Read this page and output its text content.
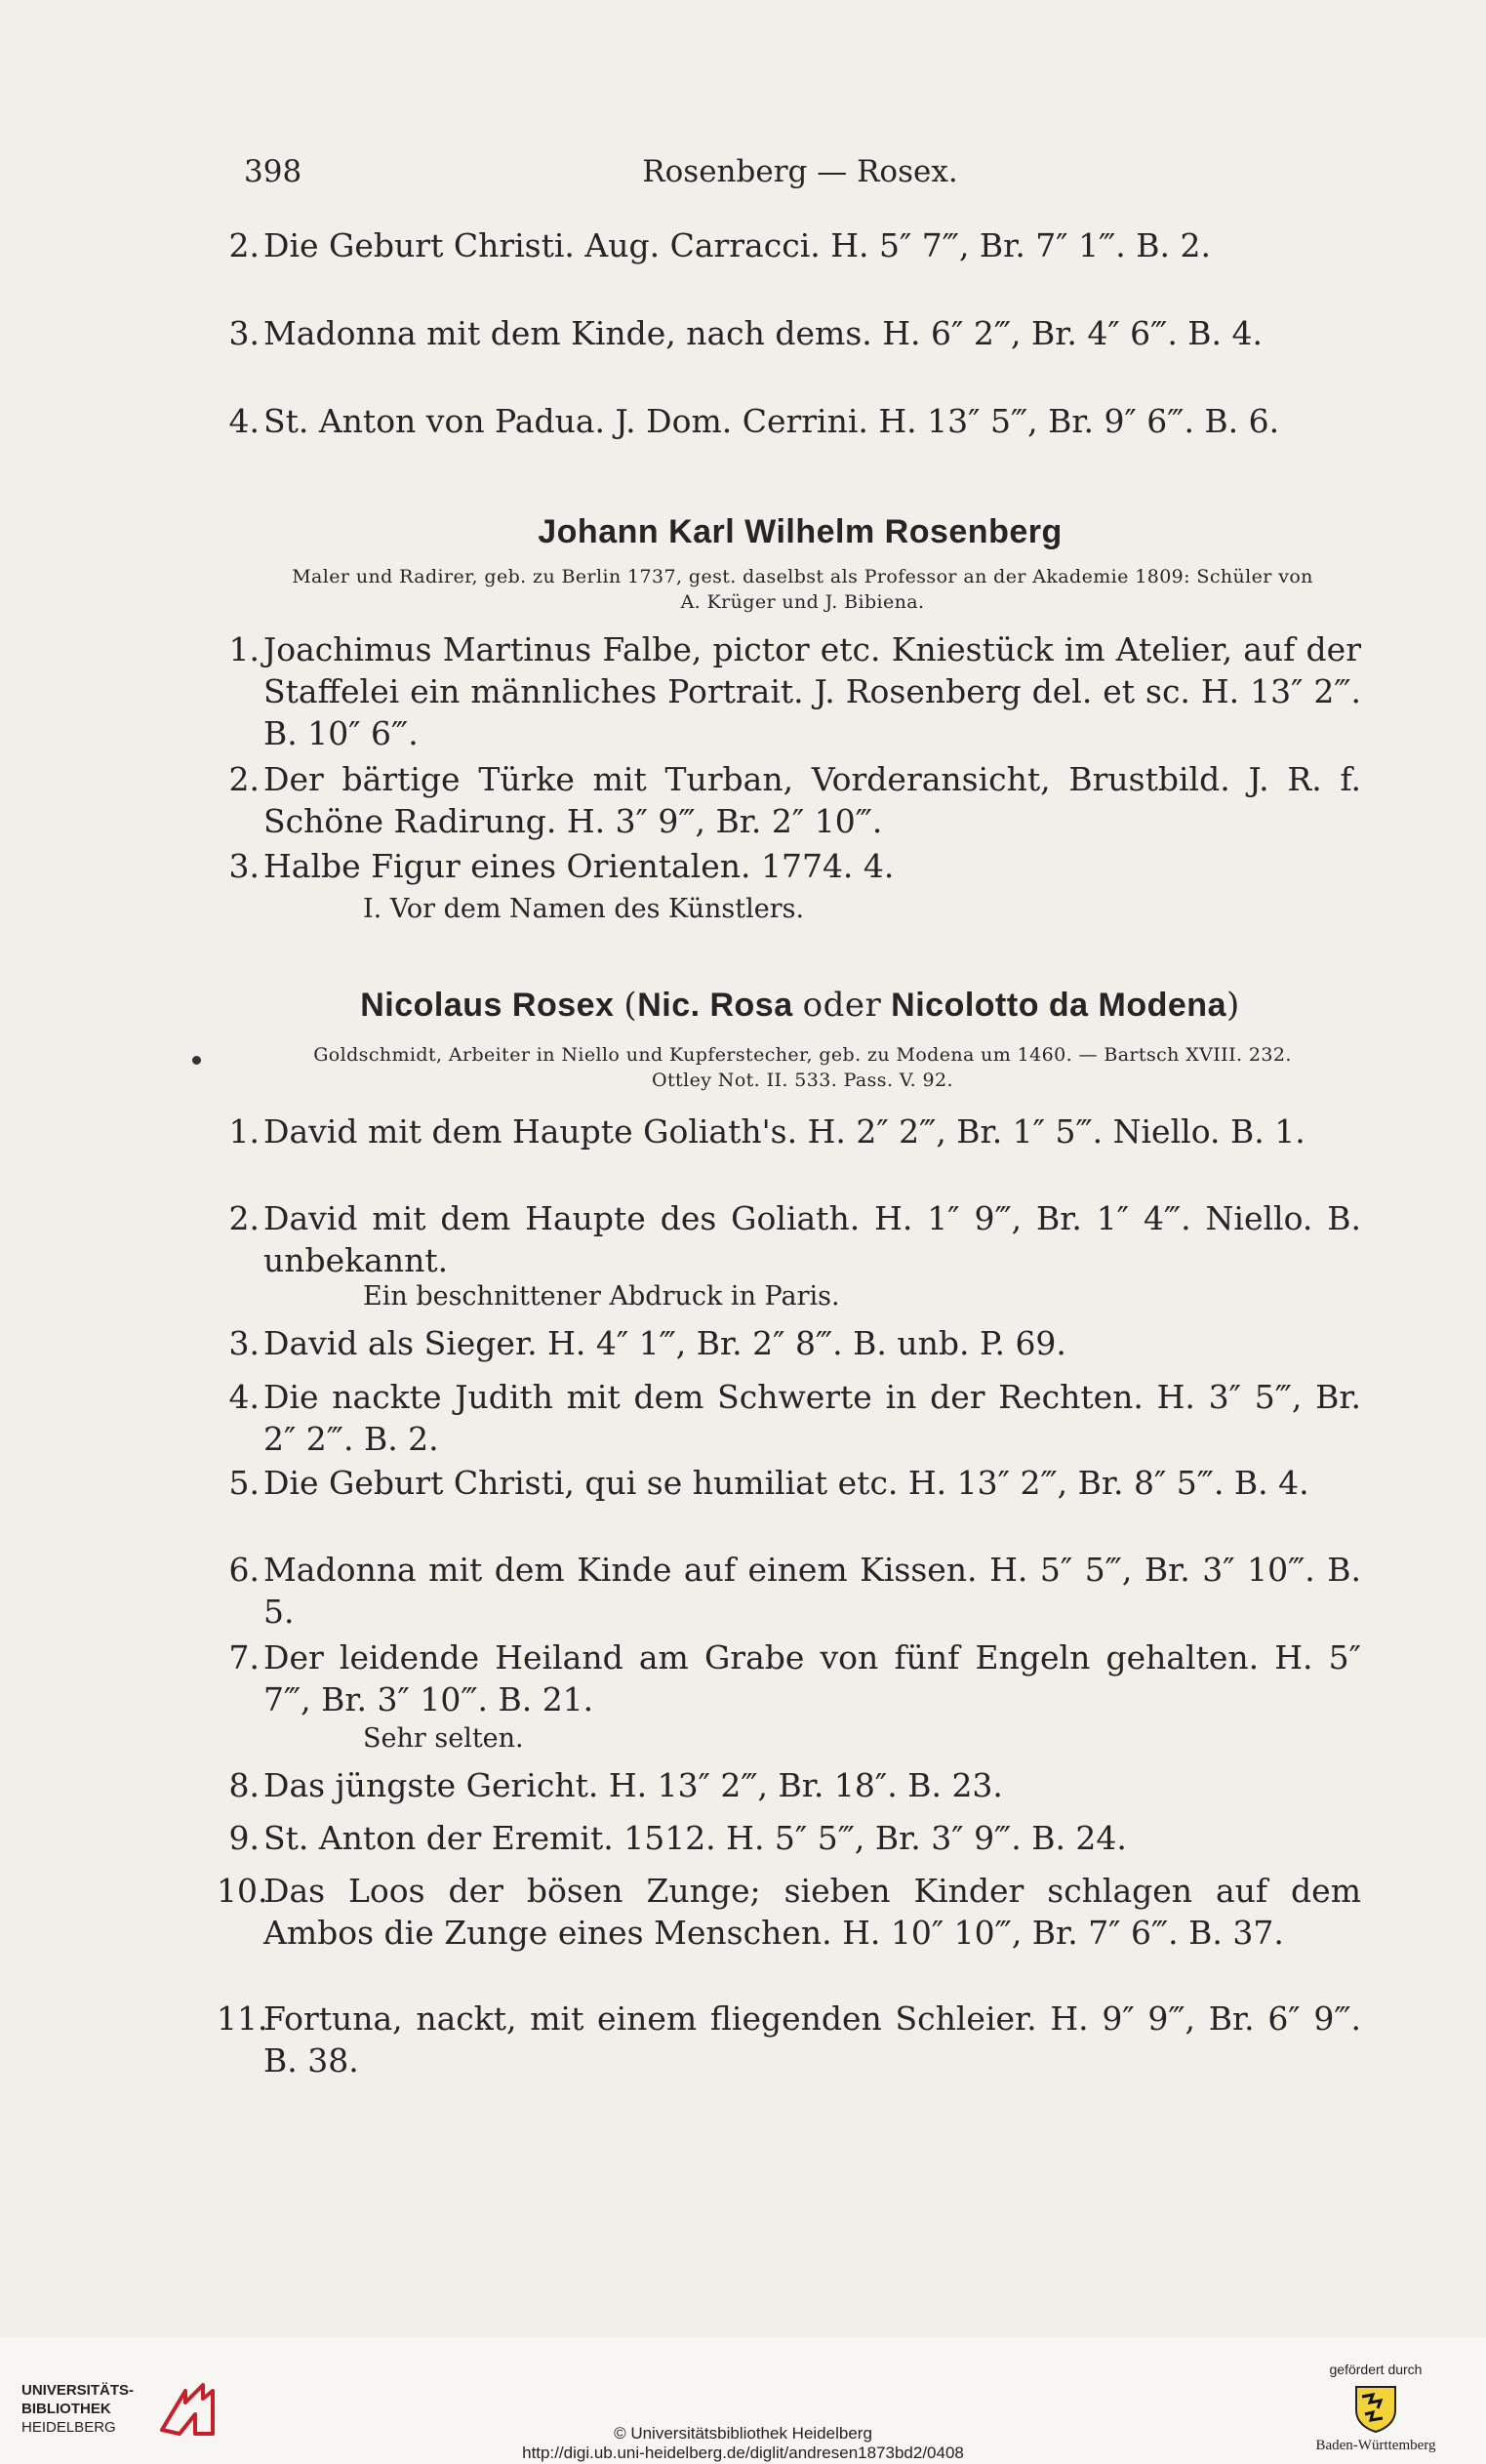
398	Rosenberg — Rosex.
2. Die Geburt Christi. Aug. Carracci. H. 5″ 7‴, Br. 7″ 1‴. B. 2.
3. Madonna mit dem Kinde, nach dems. H. 6″ 2‴, Br. 4″ 6‴. B. 4.
4. St. Anton von Padua. J. Dom. Cerrini. H. 13″ 5‴, Br. 9″ 6‴. B. 6.
Johann Karl Wilhelm Rosenberg
Maler und Radirer, geb. zu Berlin 1737, gest. daselbst als Professor an der Akademie 1809: Schüler von A. Krüger und J. Bibiena.
1. Joachimus Martinus Falbe, pictor etc. Kniestück im Atelier, auf der Staffelei ein männliches Portrait. J. Rosenberg del. et sc. H. 13″ 2‴. B. 10″ 6‴.
2. Der bärtige Türke mit Turban, Vorderansicht, Brustbild. J. R. f. Schöne Radirung. H. 3″ 9‴, Br. 2″ 10‴.
3. Halbe Figur eines Orientalen. 1774. 4.
I. Vor dem Namen des Künstlers.
Nicolaus Rosex (Nic. Rosa oder Nicolotto da Modena)
Goldschmidt, Arbeiter in Niello und Kupferstecher, geb. zu Modena um 1460. — Bartsch XVIII. 232. Ottley Not. II. 533. Pass. V. 92.
1. David mit dem Haupte Goliath's. H. 2″ 2‴, Br. 1″ 5‴. Niello. B. 1.
2. David mit dem Haupte des Goliath. H. 1″ 9‴, Br. 1″ 4‴. Niello. B. unbekannt.
Ein beschnittener Abdruck in Paris.
3. David als Sieger. H. 4″ 1‴, Br. 2″ 8‴. B. unb. P. 69.
4. Die nackte Judith mit dem Schwerte in der Rechten. H. 3″ 5‴, Br. 2″ 2‴. B. 2.
5. Die Geburt Christi, qui se humiliat etc. H. 13″ 2‴, Br. 8″ 5‴. B. 4.
6. Madonna mit dem Kinde auf einem Kissen. H. 5″ 5‴, Br. 3″ 10‴. B. 5.
7. Der leidende Heiland am Grabe von fünf Engeln gehalten. H. 5″ 7‴, Br. 3″ 10‴. B. 21.
Sehr selten.
8. Das jüngste Gericht. H. 13″ 2‴, Br. 18″. B. 23.
9. St. Anton der Eremit. 1512. H. 5″ 5‴, Br. 3″ 9‴. B. 24.
10.
Das Loos der bösen Zunge; sieben Kinder schlagen auf dem Ambos die Zunge eines Menschen. H. 10″ 10‴, Br. 7″ 6‴. B. 37.
11.
Fortuna, nackt, mit einem fliegenden Schleier. H. 9″ 9‴, Br. 6″ 9‴. B. 38.
UNIVERSITÄTS-
BIBLIOTHEK
HEIDELBERG	© Universitätsbibliothek Heidelberg
http://digi.ub.uni-heidelberg.de/diglit/andresen1873bd2/0408
gefördert durch
Baden-Württemberg
